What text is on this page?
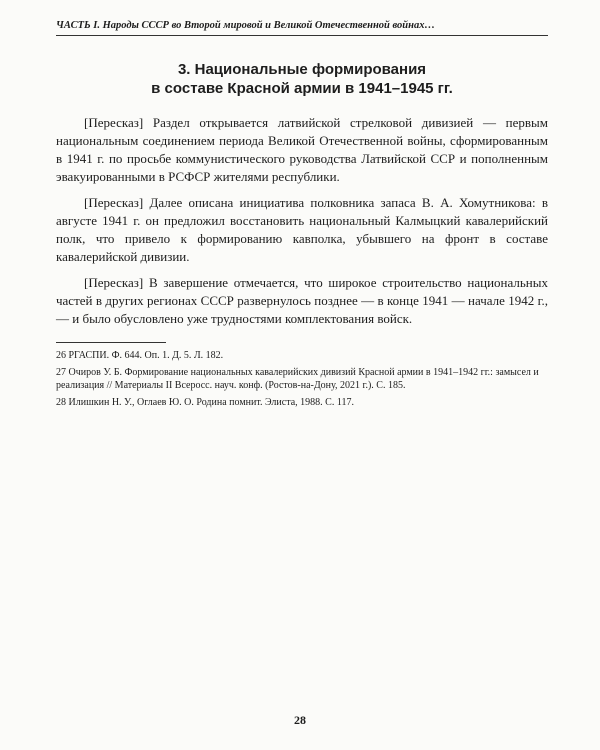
ЧАСТЬ I. Народы СССР во Второй мировой и Великой Отечественной войнах…
3. Национальные формирования
в составе Красной армии в 1941–1945 гг.

[Пересказ] Раздел открывается латвийской стрелковой дивизией — первым национальным соединением периода Великой Отечественной войны, сформированным в 1941 г. по просьбе коммунистического руководства Латвийской ССР и пополненным эвакуированными в РСФСР жителями республики.

[Пересказ] Далее описана инициатива полковника запаса В. А. Хомутникова: в августе 1941 г. он предложил восстановить национальный Калмыцкий кавалерийский полк, что привело к формированию кавполка, убывшего на фронт в составе кавалерийской дивизии.

[Пересказ] В завершение отмечается, что широкое строительство национальных частей в других регионах СССР развернулось позднее — в конце 1941 — начале 1942 г., — и было обусловлено уже трудностями комплектования войск.

26 РГАСПИ. Ф. 644. Оп. 1. Д. 5. Л. 182.

27 Очиров У. Б. Формирование национальных кавалерийских дивизий Красной армии в 1941–1942 гг.: замысел и реализация // Материалы II Всеросс. науч. конф. (Ростов-на-Дону, 2021 г.). С. 185.

28 Илишкин Н. У., Оглаев Ю. О. Родина помнит. Элиста, 1988. С. 117.

28
